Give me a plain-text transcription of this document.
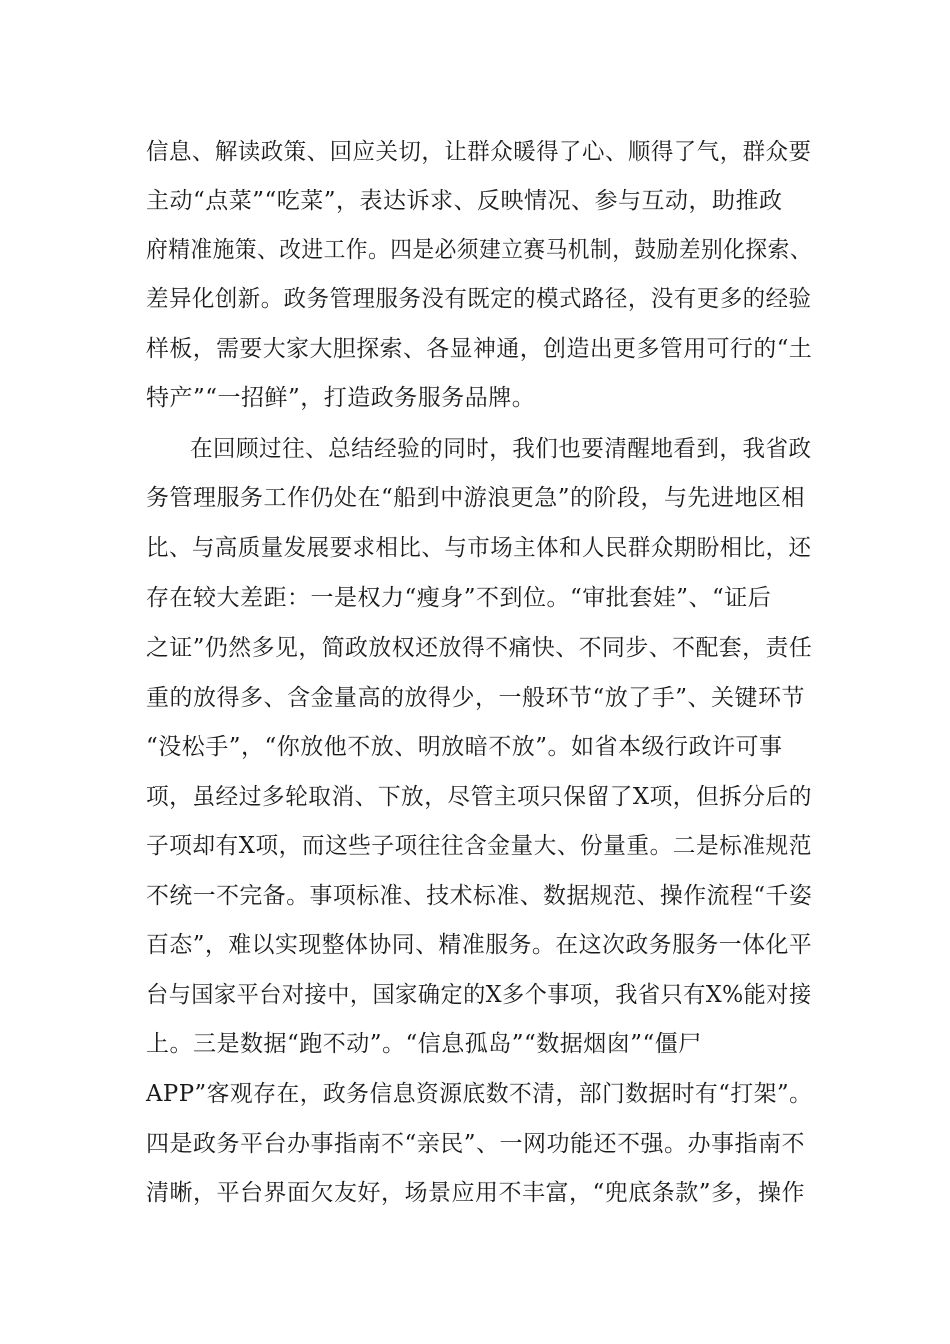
信息、解读政策、回应关切，让群众暖得了心、顺得了气，群众要
主动“点菜”“吃菜”，表达诉求、反映情况、参与互动，助推政
府精准施策、改进工作。四是必须建立赛马机制，鼓励差别化探索、
差异化创新。政务管理服务没有既定的模式路径，没有更多的经验
样板，需要大家大胆探索、各显神通，创造出更多管用可行的“土
特产”“一招鲜”，打造政务服务品牌。
在回顾过往、总结经验的同时，我们也要清醒地看到，我省政
务管理服务工作仍处在“船到中游浪更急”的阶段，与先进地区相
比、与高质量发展要求相比、与市场主体和人民群众期盼相比，还
存在较大差距：一是权力“瘦身”不到位。“审批套娃”、“证后
之证”仍然多见，简政放权还放得不痛快、不同步、不配套，责任
重的放得多、含金量高的放得少，一般环节“放了手”、关键环节
“没松手”，“你放他不放、明放暗不放”。如省本级行政许可事
项，虽经过多轮取消、下放，尽管主项只保留了X项，但拆分后的
子项却有X项，而这些子项往往含金量大、份量重。二是标准规范
不统一不完备。事项标准、技术标准、数据规范、操作流程“千姿
百态”，难以实现整体协同、精准服务。在这次政务服务一体化平
台与国家平台对接中，国家确定的X多个事项，我省只有X%能对接
上。三是数据“跑不动”。“信息孤岛”“数据烟囱”“僵尸
APP”客观存在，政务信息资源底数不清，部门数据时有“打架”。
四是政务平台办事指南不“亲民”、一网功能还不强。办事指南不
清晰，平台界面欠友好，场景应用不丰富，“兜底条款”多，操作
